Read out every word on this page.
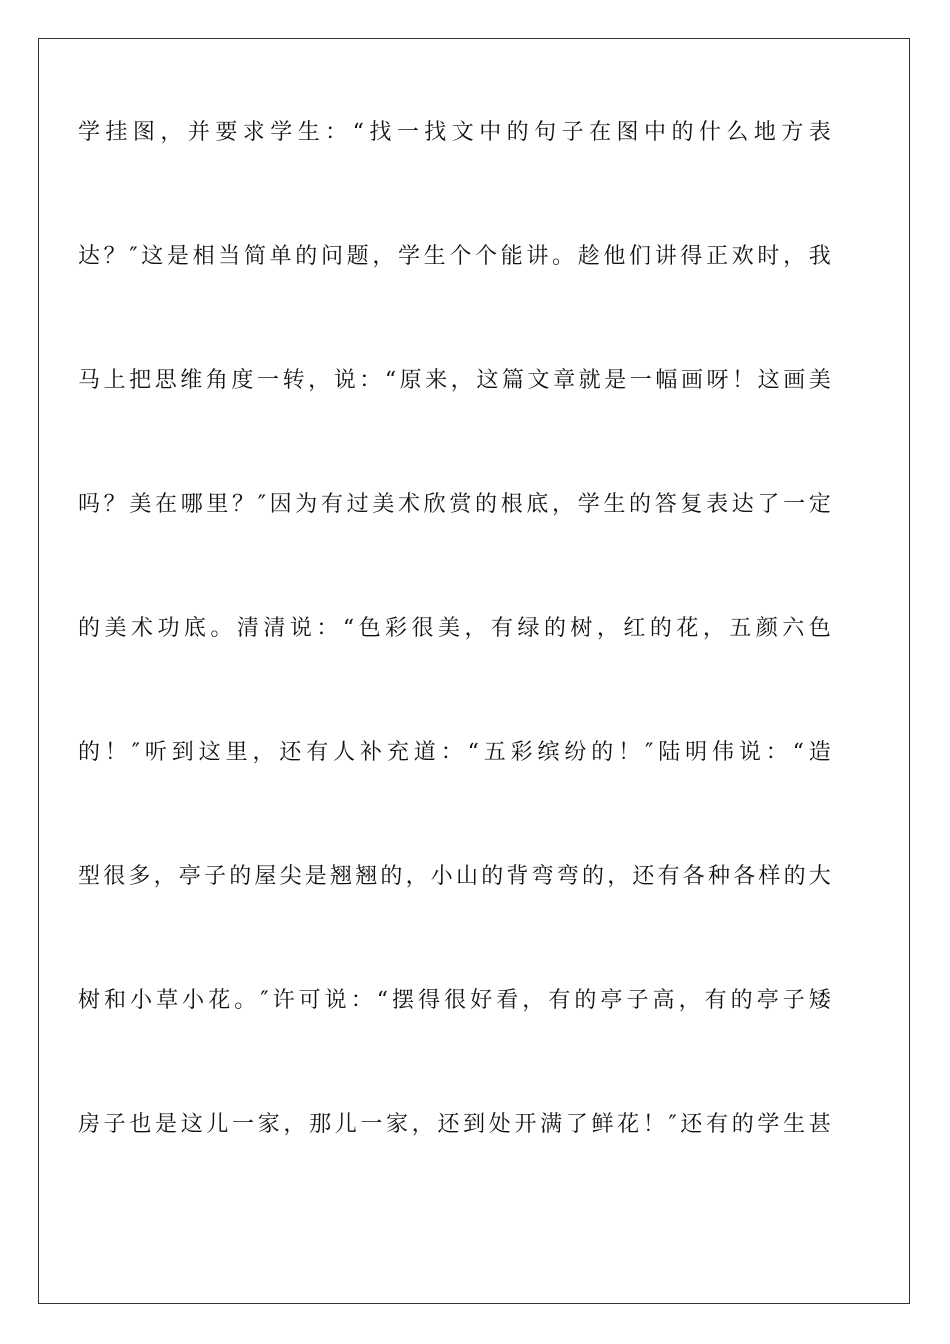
学挂图，并要求学生：“找一找文中的句子在图中的什么地方表
达？″这是相当简单的问题，学生个个能讲。趁他们讲得正欢时，我
马上把思维角度一转，说：“原来，这篇文章就是一幅画呀！这画美
吗？美在哪里？″因为有过美术欣赏的根底，学生的答复表达了一定
的美术功底。清清说：“色彩很美，有绿的树，红的花，五颜六色
的！″听到这里，还有人补充道：“五彩缤纷的！″陆明伟说：“造
型很多，亭子的屋尖是翘翘的，小山的背弯弯的，还有各种各样的大
树和小草小花。″许可说：“摆得很好看，有的亭子高，有的亭子矮
房子也是这儿一家，那儿一家，还到处开满了鲜花！″还有的学生甚
